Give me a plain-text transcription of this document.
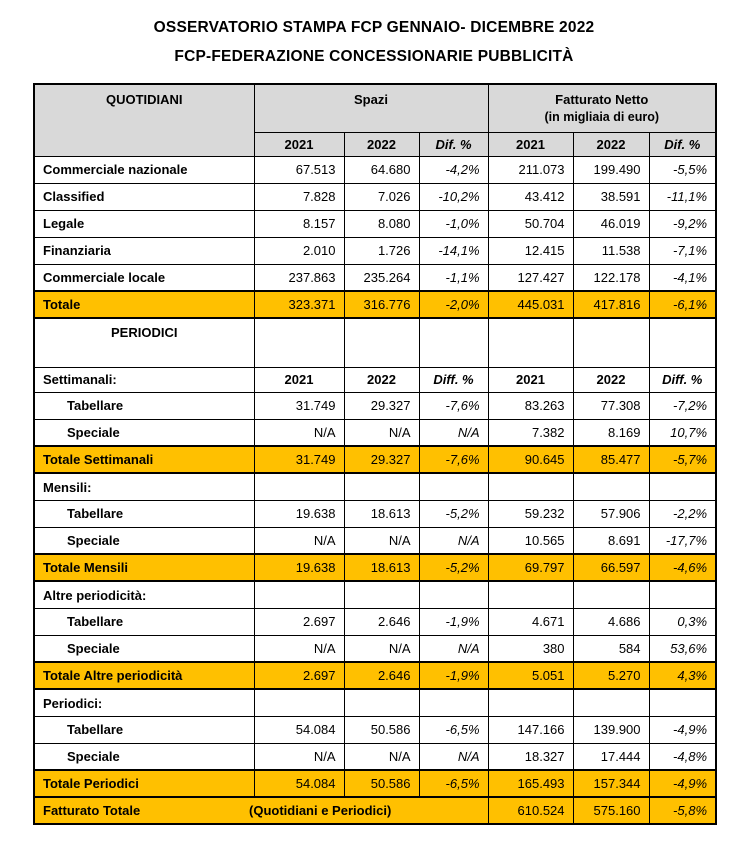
OSSERVATORIO STAMPA FCP GENNAIO- DICEMBRE 2022
FCP-FEDERAZIONE CONCESSIONARIE PUBBLICITÀ
QUOTIDIANI	Spazi			Fatturato Netto
(in migliaia di euro)		

	2021	2022	Dif. %	2021	2022	Dif. %
Commerciale nazionale	67.513	64.680	-4,2%	211.073	199.490	-5,5%
Classified	7.828	7.026	-10,2%	43.412	38.591	-11,1%
Legale	8.157	8.080	-1,0%	50.704	46.019	-9,2%
Finanziaria	2.010	1.726	-14,1%	12.415	11.538	-7,1%
Commerciale locale	237.863	235.264	-1,1%	127.427	122.178	-4,1%
Totale	323.371	316.776	-2,0%	445.031	417.816	-6,1%
PERIODICI						

Settimanali:	2021	2022	Diff. %	2021	2022	Diff. %
Tabellare	31.749	29.327	-7,6%	83.263	77.308	-7,2%
Speciale	N/A	N/A	N/A	7.382	8.169	10,7%
Totale Settimanali	31.749	29.327	-7,6%	90.645	85.477	-5,7%
Mensili:						
Tabellare	19.638	18.613	-5,2%	59.232	57.906	-2,2%
Speciale	N/A	N/A	N/A	10.565	8.691	-17,7%
Totale Mensili	19.638	18.613	-5,2%	69.797	66.597	-4,6%
Altre periodicità:						
Tabellare	2.697	2.646	-1,9%	4.671	4.686	0,3%
Speciale	N/A	N/A	N/A	380	584	53,6%
Totale Altre periodicità	2.697	2.646	-1,9%	5.051	5.270	4,3%
Periodici:						
Tabellare	54.084	50.586	-6,5%	147.166	139.900	-4,9%
Speciale	N/A	N/A	N/A	18.327	17.444	-4,8%
Totale Periodici	54.084	50.586	-6,5%	165.493	157.344	-4,9%
Fatturato Totale (Quotidiani e Periodici)				610.524	575.160	-5,8%
